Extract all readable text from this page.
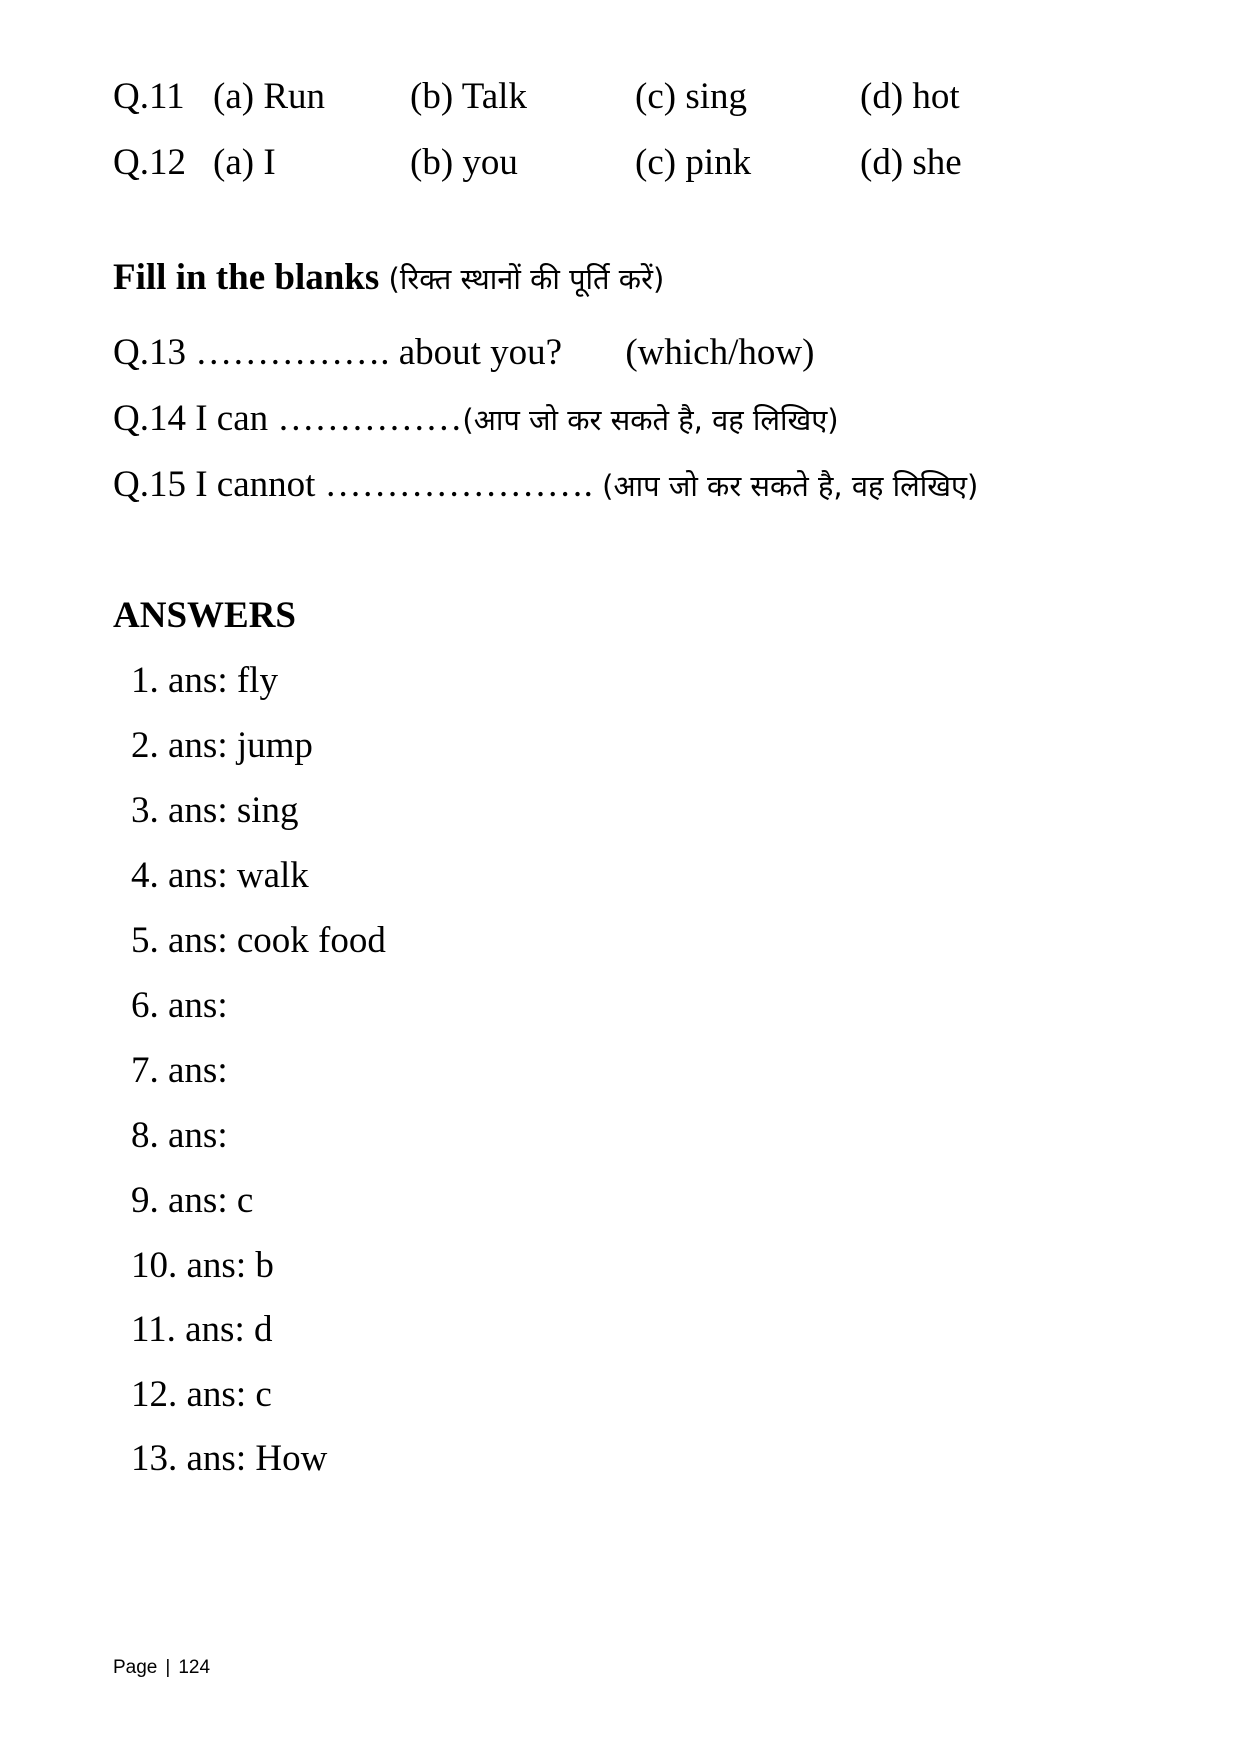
Q.11 (a) Run (b) Talk	(c) sing	(d) hot
Q.12 (a) I	(b) you	(c) pink	(d) she
Fill in the blanks (रिक्त स्थानों की पूर्ति करें)
Q.13 ……………. about you? (which/how)
Q.14 I can ……………(आप जो कर सकते है, वह लिखिए)
Q.15 I cannot …………………. (आप जो कर सकते है, वह लिखिए)
ANSWERS
1. ans: fly
2. ans: jump
3. ans: sing
4. ans: walk
5. ans: cook food
6. ans:
7. ans:
8. ans:
9. ans: c
10. ans: b
11. ans: d
12. ans: c
13. ans: How
Page | 124
